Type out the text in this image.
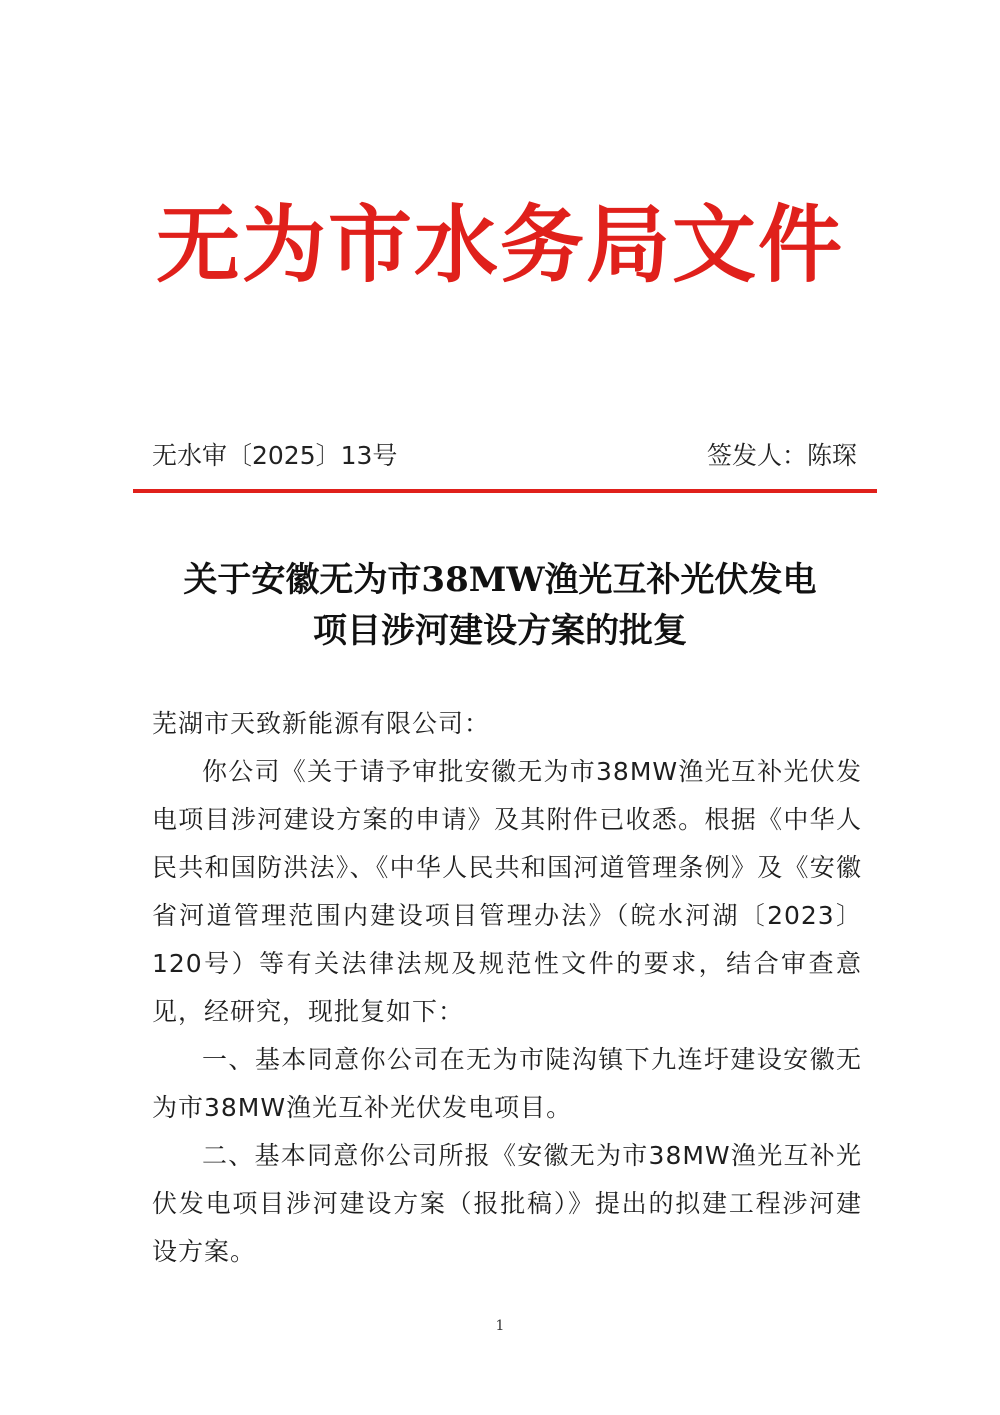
无为市水务局文件
无水审〔2025〕13号	签发人：陈琛
关于安徽无为市38MW渔光互补光伏发电
项目涉河建设方案的批复

芜湖市天致新能源有限公司：

你公司《关于请予审批安徽无为市38MW渔光互补光伏发电项目涉河建设方案的申请》及其附件已收悉。根据《中华人民共和国防洪法》、《中华人民共和国河道管理条例》及《安徽省河道管理范围内建设项目管理办法》（皖水河湖〔2023〕120号）等有关法律法规及规范性文件的要求，结合审查意见，经研究，现批复如下：

一、基本同意你公司在无为市陡沟镇下九连圩建设安徽无为市38MW渔光互补光伏发电项目。

二、基本同意你公司所报《安徽无为市38MW渔光互补光伏发电项目涉河建设方案（报批稿）》提出的拟建工程涉河建设方案。

1
